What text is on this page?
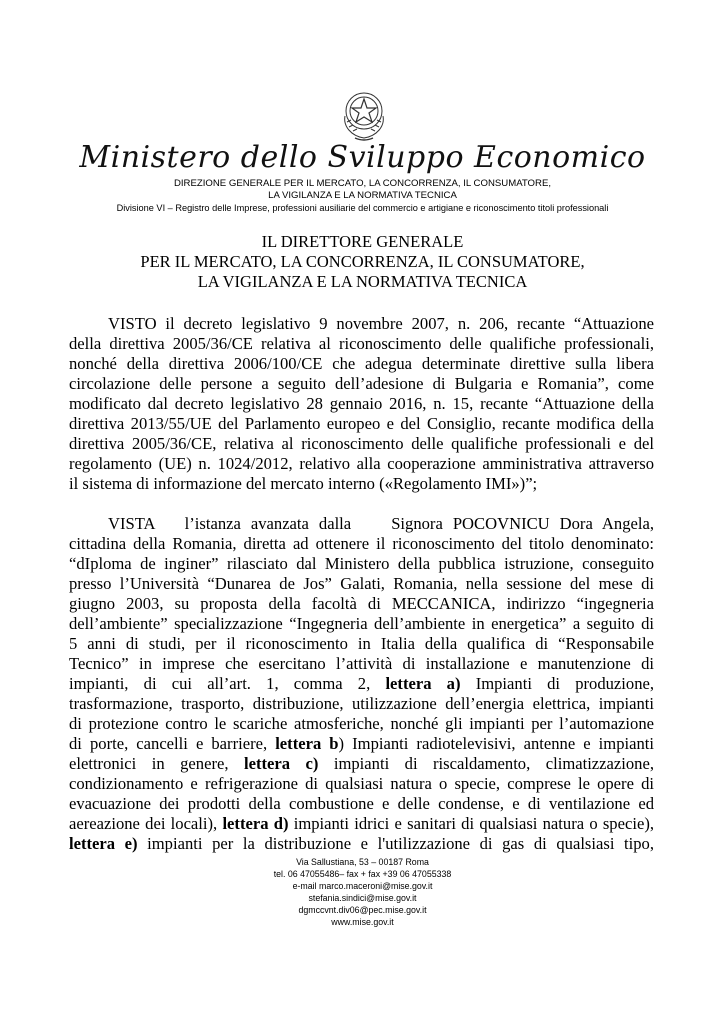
Ministero dello Sviluppo Economico
DIREZIONE GENERALE PER IL MERCATO, LA CONCORRENZA, IL CONSUMATORE,
LA VIGILANZA E LA NORMATIVA TECNICA
Divisione VI – Registro delle Imprese, professioni ausiliarie del commercio e artigiane e riconoscimento titoli professionali
IL DIRETTORE GENERALE
PER IL MERCATO, LA CONCORRENZA, IL CONSUMATORE,
LA VIGILANZA E LA NORMATIVA TECNICA
VISTO il decreto legislativo 9 novembre 2007, n. 206, recante “Attuazione
della direttiva 2005/36/CE relativa al riconoscimento delle qualifiche professionali,
nonché della direttiva 2006/100/CE che adegua determinate direttive sulla libera
circolazione delle persone a seguito dell’adesione di Bulgaria e Romania”, come
modificato dal decreto legislativo 28 gennaio 2016, n. 15, recante “Attuazione della
direttiva 2013/55/UE del Parlamento europeo e del Consiglio, recante modifica della
direttiva 2005/36/CE, relativa al riconoscimento delle qualifiche professionali e del
regolamento (UE) n. 1024/2012, relativo alla cooperazione amministrativa attraverso
il sistema di informazione del mercato interno («Regolamento IMI»)”;
VISTA   l’istanza avanzata dalla    Signora POCOVNICU Dora Angela,
cittadina della Romania, diretta ad ottenere il riconoscimento del titolo denominato:
“dIploma de inginer” rilasciato dal Ministero della pubblica istruzione, conseguito
presso l’Università “Dunarea de Jos” Galati, Romania, nella sessione del mese di
giugno 2003, su proposta della facoltà di MECCANICA, indirizzo “ingegneria
dell’ambiente” specializzazione “Ingegneria dell’ambiente in energetica” a seguito di
5 anni di studi, per il riconoscimento in Italia della qualifica di “Responsabile
Tecnico” in imprese che esercitano l’attività di installazione e manutenzione di
impianti, di cui all’art. 1, comma 2, lettera a) Impianti di produzione,
trasformazione, trasporto, distribuzione, utilizzazione dell’energia elettrica, impianti
di protezione contro le scariche atmosferiche, nonché gli impianti per l’automazione
di porte, cancelli e barriere, lettera b) Impianti radiotelevisivi, antenne e impianti
elettronici in genere, lettera c) impianti di riscaldamento, climatizzazione,
condizionamento e refrigerazione di qualsiasi natura o specie, comprese le opere di
evacuazione dei prodotti della combustione e delle condense, e di ventilazione ed
aereazione dei locali), lettera d) impianti idrici e sanitari di qualsiasi natura o specie),
lettera e) impianti per la distribuzione e l'utilizzazione di gas di qualsiasi tipo,
Via Sallustiana, 53 – 00187 Roma
tel. 06 47055486– fax + fax +39 06 47055338
e-mail marco.maceroni@mise.gov.it
stefania.sindici@mise.gov.it
dgmccvnt.div06@pec.mise.gov.it
www.mise.gov.it
